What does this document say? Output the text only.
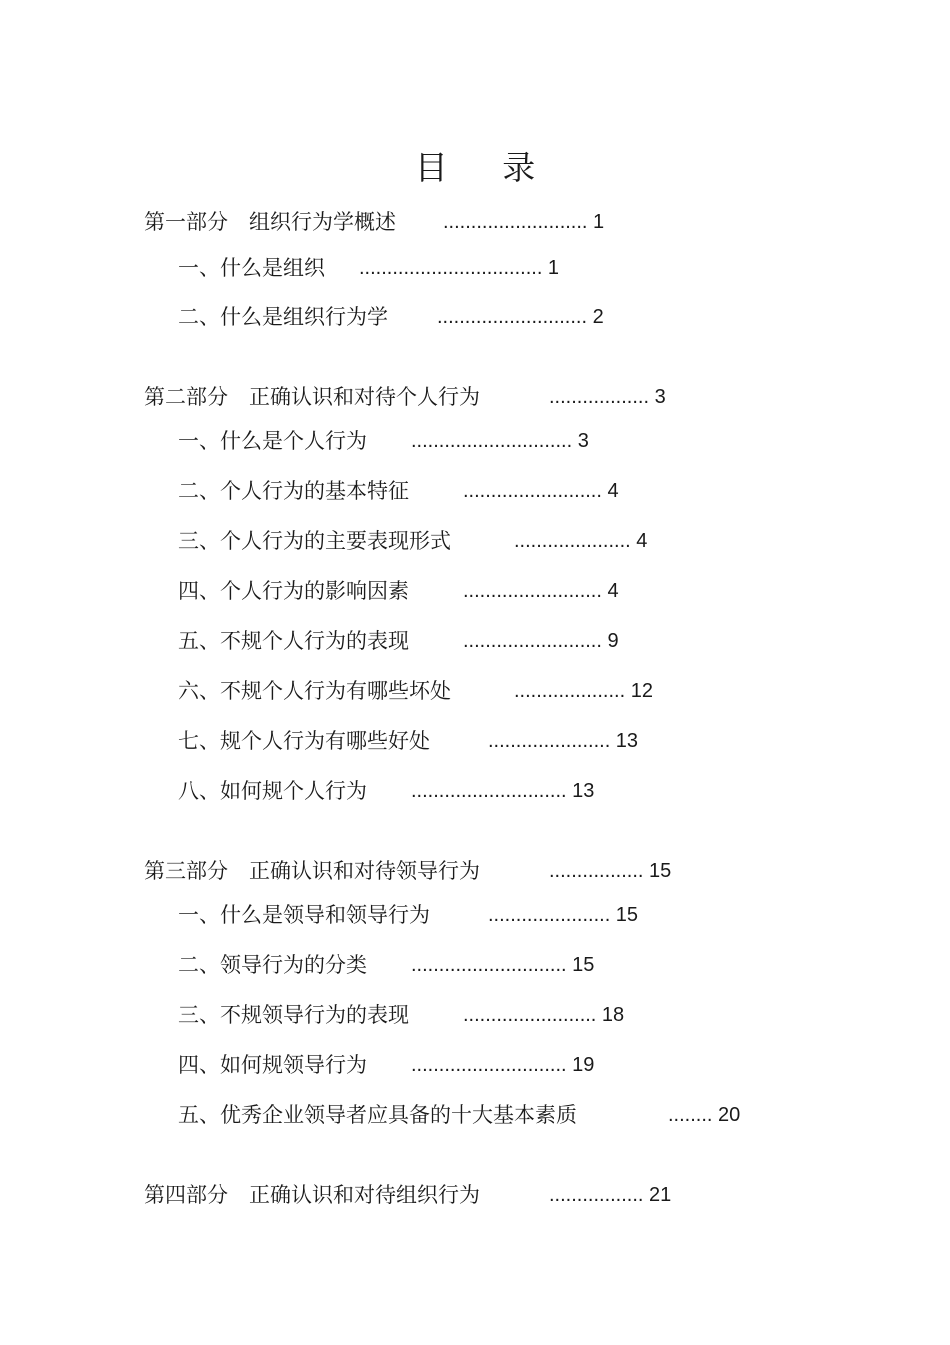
目 录
第一部分　组织行为学概述 .......................... 1
一、什么是组织 ................................. 1
二、什么是组织行为学 ........................... 2
第二部分　正确认识和对待个人行为	.................. 3
一、什么是个人行为 ............................. 3
二、个人行为的基本特征	......................... 4
三、个人行为的主要表现形式	..................... 4
四、个人行为的影响因素	......................... 4
五、不规个人行为的表现	......................... 9
六、不规个人行为有哪些坏处	.................... 12
七、规个人行为有哪些好处	...................... 13
八、如何规个人行为 ............................ 13
第三部分　正确认识和对待领导行为	................. 15
一、什么是领导和领导行为	...................... 15
二、领导行为的分类 ............................ 15
三、不规领导行为的表现	........................ 18
四、如何规领导行为 ............................ 19
五、优秀企业领导者应具备的十大基本素质	........ 20
第四部分　正确认识和对待组织行为	................. 21
